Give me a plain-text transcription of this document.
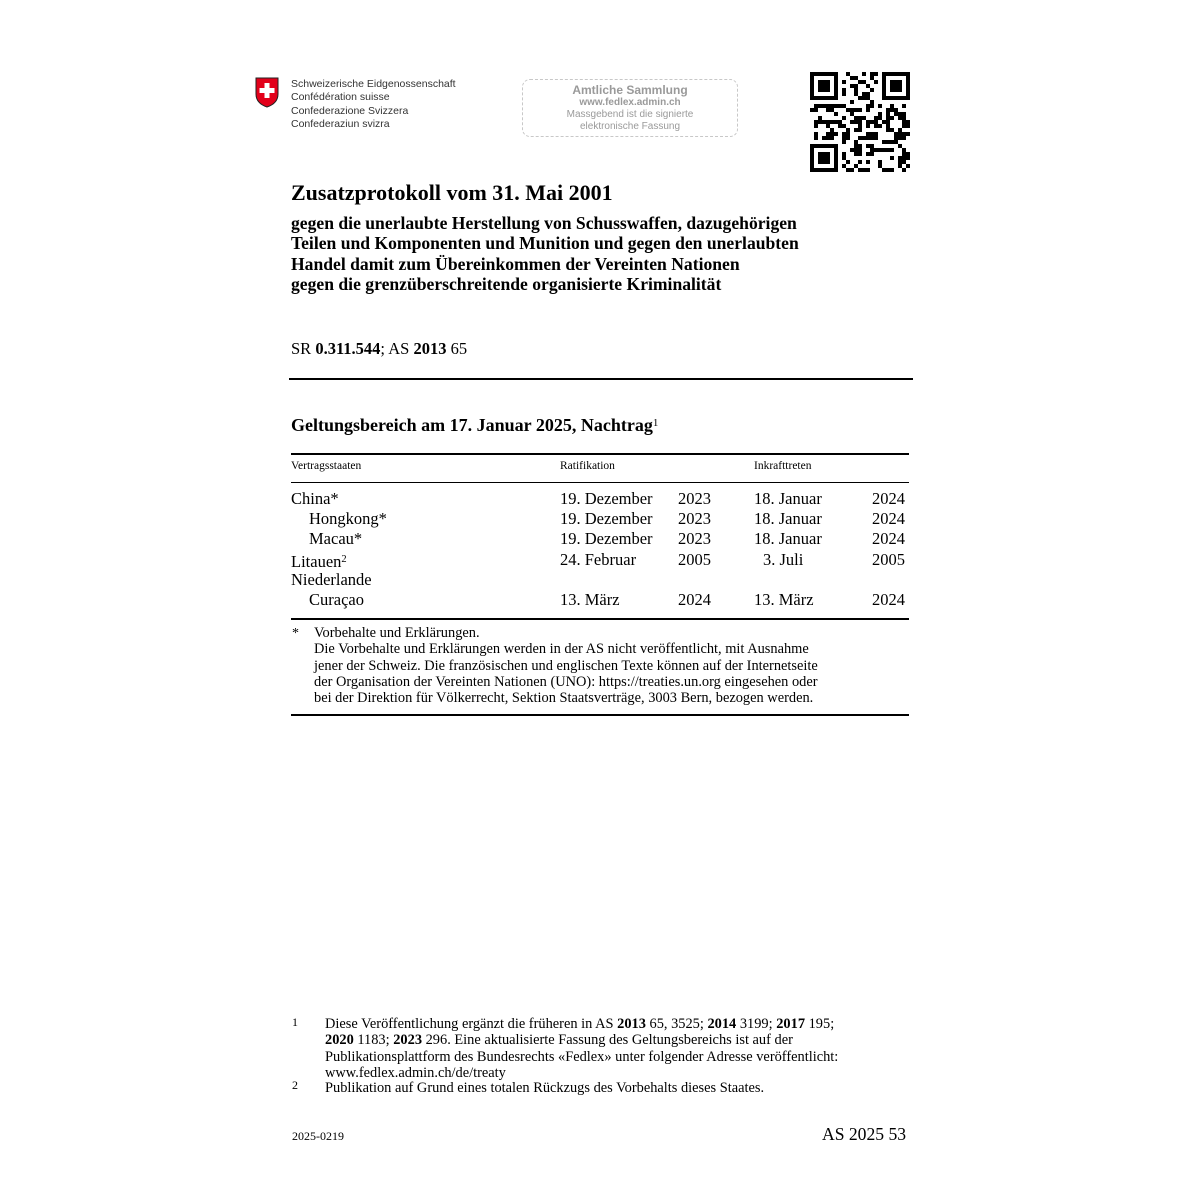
Schweizerische Eidgenossenschaft
Confédération suisse
Confederazione Svizzera
Confederaziun svizra
Amtliche Sammlung
www.fedlex.admin.ch
Massgebend ist die signierte
elektronische Fassung
Zusatzprotokoll vom 31. Mai 2001
gegen die unerlaubte Herstellung von Schusswaffen, dazugehörigen
Teilen und Komponenten und Munition und gegen den unerlaubten
Handel damit zum Übereinkommen der Vereinten Nationen
gegen die grenzüberschreitende organisierte Kriminalität
SR 0.311.544; AS 2013 65
Geltungsbereich am 17. Januar 2025, Nachtrag$^1$
Vertragsstaaten	Ratifikation	Inkrafttreten
China*	19. Dezember	2023	18. Januar	2024
Hongkong*	19. Dezember	2023	18. Januar	2024
Macau*	19. Dezember	2023	18. Januar	2024
Litauen$^2$	24. Februar	2005	3. Juli	2005
Niederlande
Curaçao	13. März	2024	13. März	2024
* Vorbehalte und Erklärungen.
Die Vorbehalte und Erklärungen werden in der AS nicht veröffentlicht, mit Ausnahme
jener der Schweiz. Die französischen und englischen Texte können auf der Internetseite
der Organisation der Vereinten Nationen (UNO): https://treaties.un.org eingesehen oder
bei der Direktion für Völkerrecht, Sektion Staatsverträge, 3003 Bern, bezogen werden.
1 Diese Veröffentlichung ergänzt die früheren in AS 2013 65, 3525; 2014 3199; 2017 195;
2020 1183; 2023 296. Eine aktualisierte Fassung des Geltungsbereichs ist auf der
Publikationsplattform des Bundesrechts «Fedlex» unter folgender Adresse veröffentlicht:
www.fedlex.admin.ch/de/treaty
2 Publikation auf Grund eines totalen Rückzugs des Vorbehalts dieses Staates.
2025-0219	AS 2025 53
